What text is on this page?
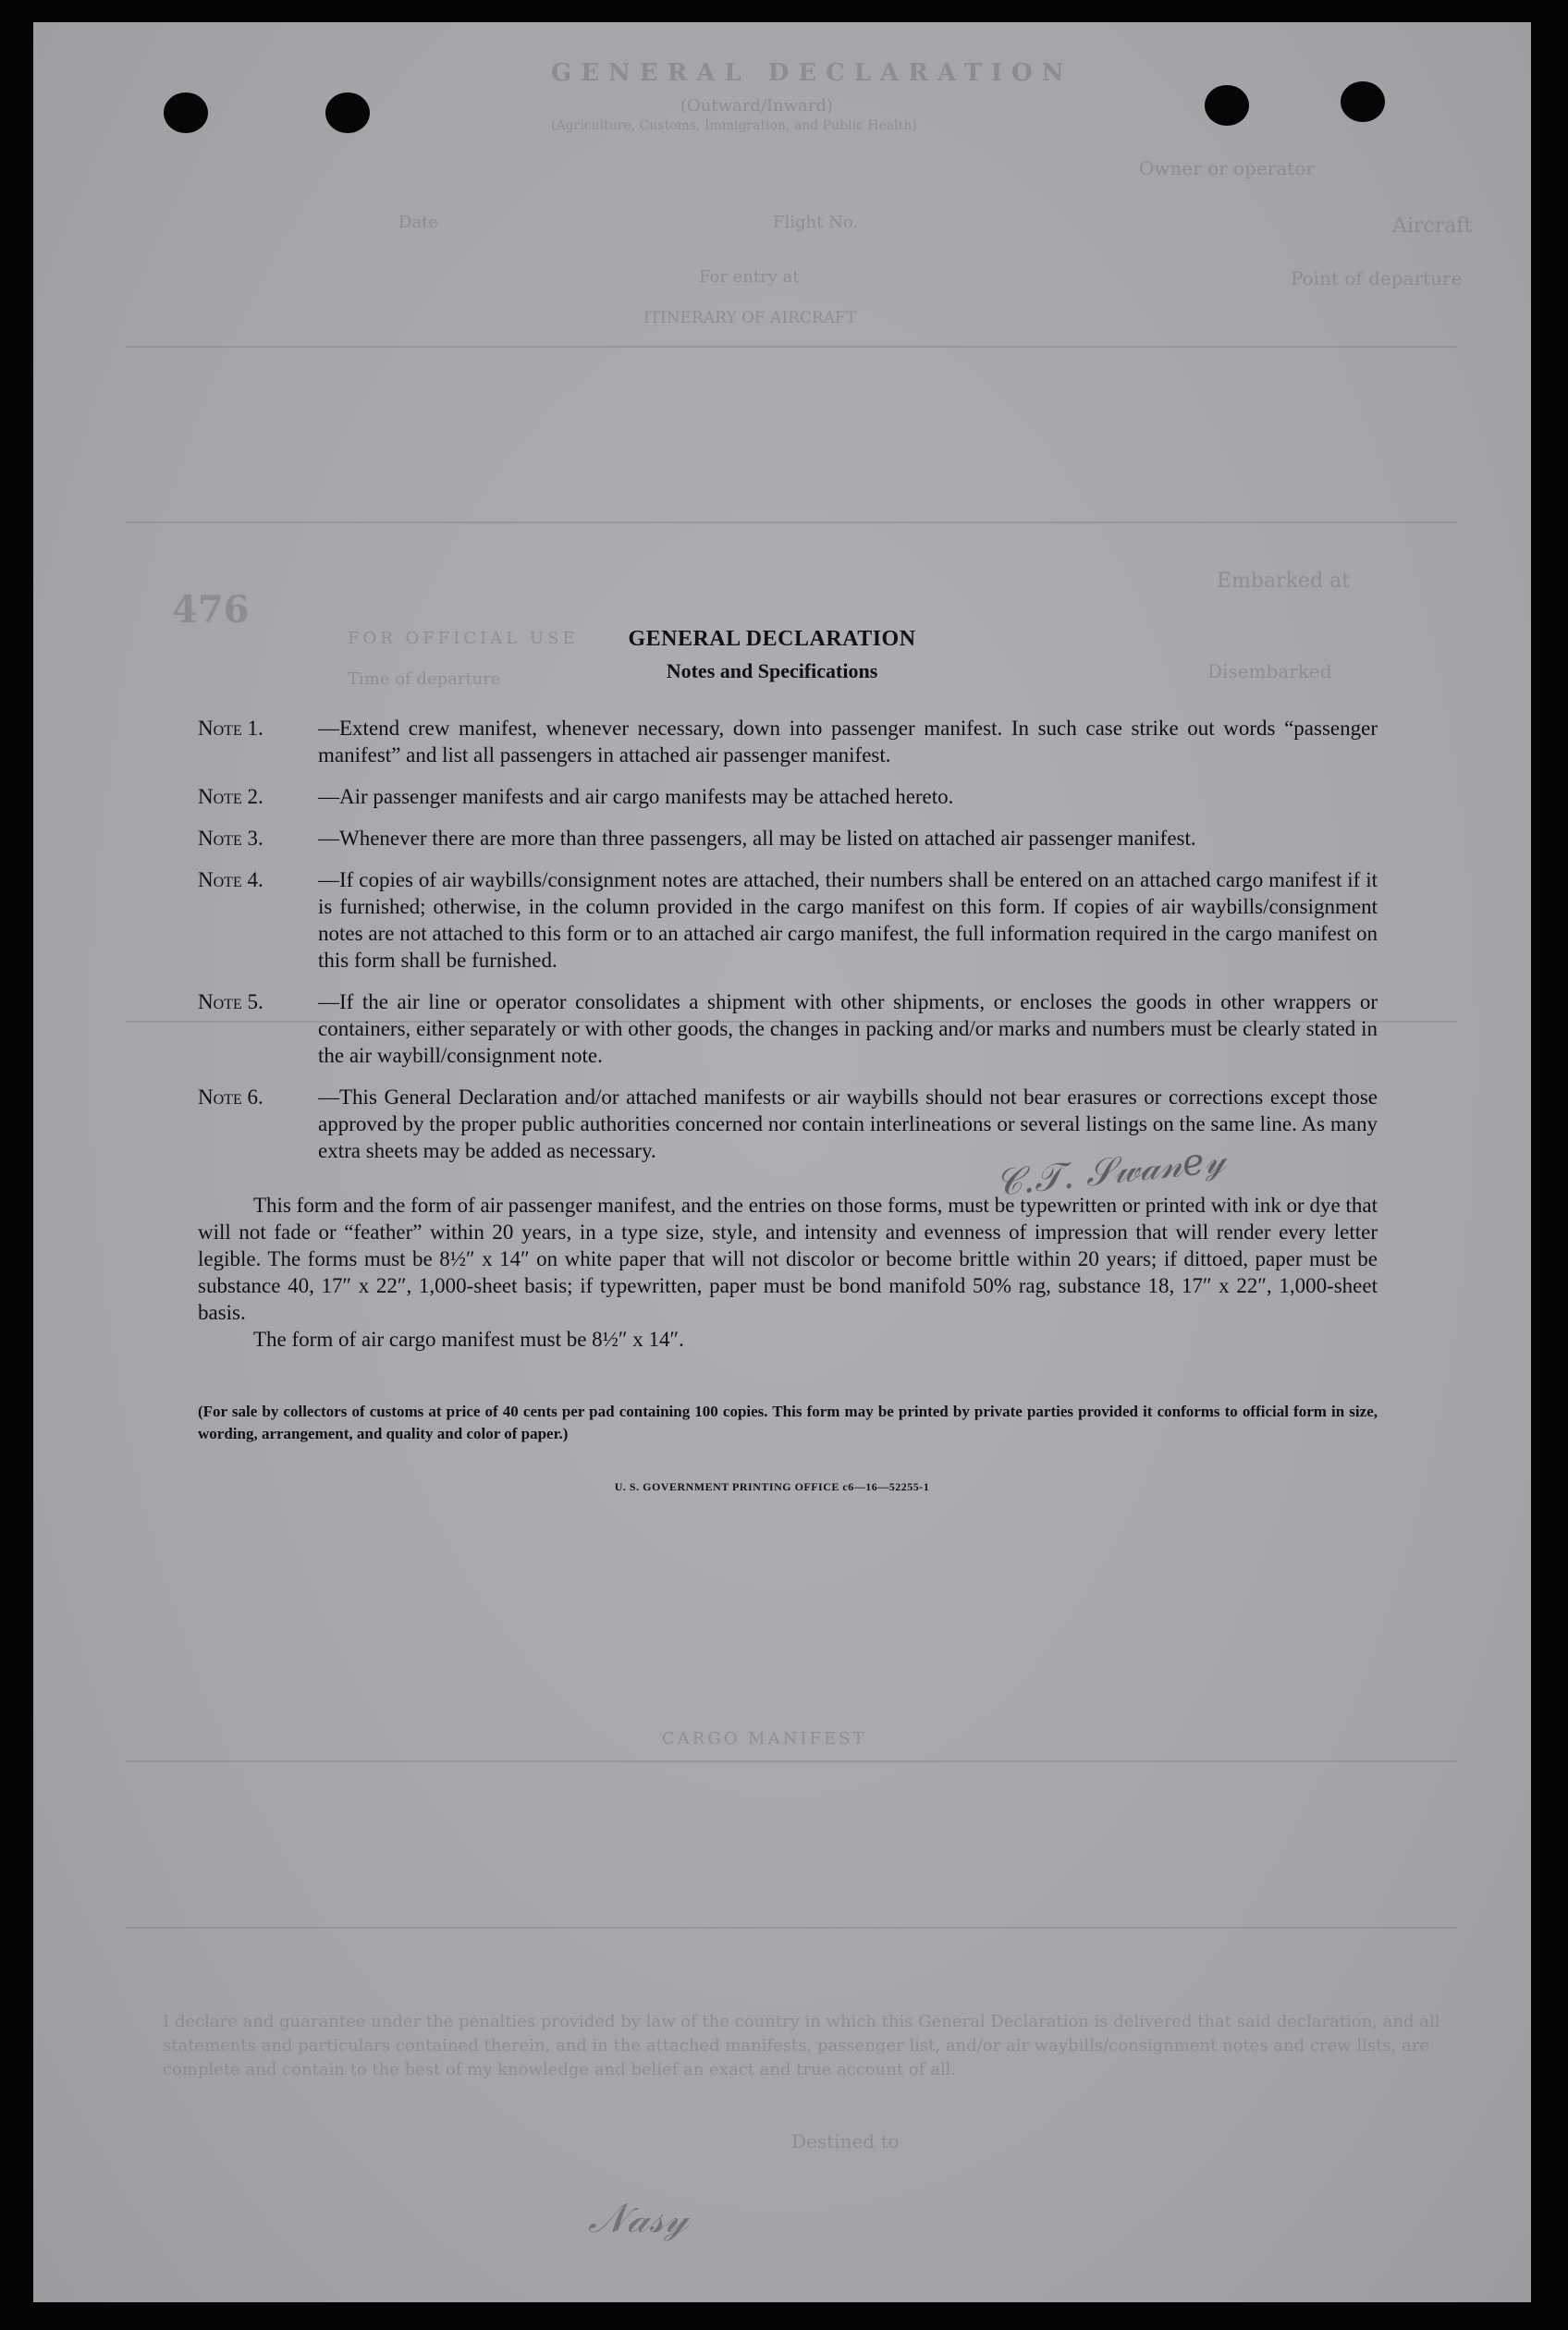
GENERAL DECLARATION
(Outward/Inward)
(Agriculture, Customs, Immigration, and Public Health)
Owner or operator
Aircraft
Flight No.
Date
Point of departure
For entry at
ITINERARY OF AIRCRAFT
Embarked at
476
FOR OFFICIAL USE
Time of departure	Disembarked
CARGO MANIFEST
I declare and guarantee under the penalties provided by law of the country in which this General Declaration is delivered that said declaration, and all statements and particulars contained therein, and in the attached manifests, passenger list, and/or air waybills/consignment notes and crew lists, are complete and contain to the best of my knowledge and belief an exact and true account of all.
Destined to
𝒞.𝒯. 𝒮𝓌𝒶𝓃𝑒𝓎
𝒩𝒶𝓈𝓎
GENERAL DECLARATION
Notes and Specifications
Note 1.	—Extend crew manifest, whenever necessary, down into passenger manifest. In such case strike out words “passenger manifest” and list all passengers in attached air passenger manifest.
Note 2.	—Air passenger manifests and air cargo manifests may be attached hereto.
Note 3.	—Whenever there are more than three passengers, all may be listed on attached air passenger manifest.
Note 4.	—If copies of air waybills/consignment notes are attached, their numbers shall be entered on an attached cargo manifest if it is furnished; otherwise, in the column provided in the cargo manifest on this form. If copies of air waybills/consignment notes are not attached to this form or to an attached air cargo manifest, the full information required in the cargo manifest on this form shall be furnished.
Note 5.	—If the air line or operator consolidates a shipment with other shipments, or encloses the goods in other wrappers or containers, either separately or with other goods, the changes in packing and/or marks and numbers must be clearly stated in the air waybill/consignment note.
Note 6.	—This General Declaration and/or attached manifests or air waybills should not bear erasures or corrections except those approved by the proper public authorities concerned nor contain interlineations or several listings on the same line. As many extra sheets may be added as necessary.

This form and the form of air passenger manifest, and the entries on those forms, must be typewritten or printed with ink or dye that will not fade or “feather” within 20 years, in a type size, style, and intensity and evenness of impression that will render every letter legible. The forms must be 8½″ x 14″ on white paper that will not discolor or become brittle within 20 years; if dittoed, paper must be substance 40, 17″ x 22″, 1,000-sheet basis; if typewritten, paper must be bond manifold 50% rag, substance 18, 17″ x 22″, 1,000-sheet basis.

The form of air cargo manifest must be 8½″ x 14″.

(For sale by collectors of customs at price of 40 cents per pad containing 100 copies. This form may be printed by private parties provided it conforms to official form in size, wording, arrangement, and quality and color of paper.)
U. S. GOVERNMENT PRINTING OFFICE c6—16—52255-1
